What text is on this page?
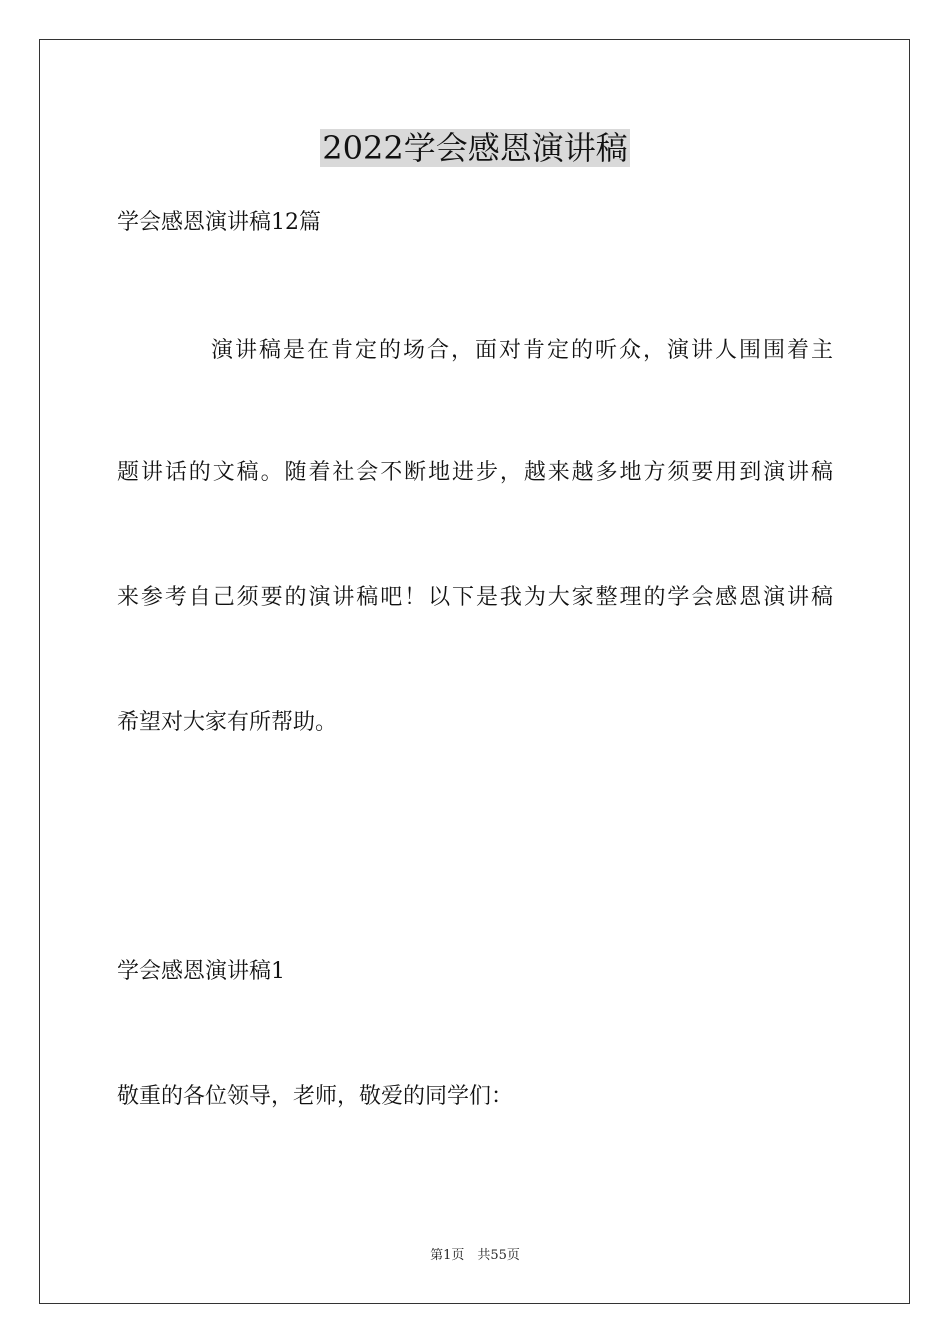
2022学会感恩演讲稿
学会感恩演讲稿12篇
演讲稿是在肯定的场合，面对肯定的听众，演讲人围围着主
题讲话的文稿。随着社会不断地进步，越来越多地方须要用到演讲稿
来参考自己须要的演讲稿吧！以下是我为大家整理的学会感恩演讲稿
希望对大家有所帮助。
学会感恩演讲稿1
敬重的各位领导，老师，敬爱的同学们：
第1页　共55页
